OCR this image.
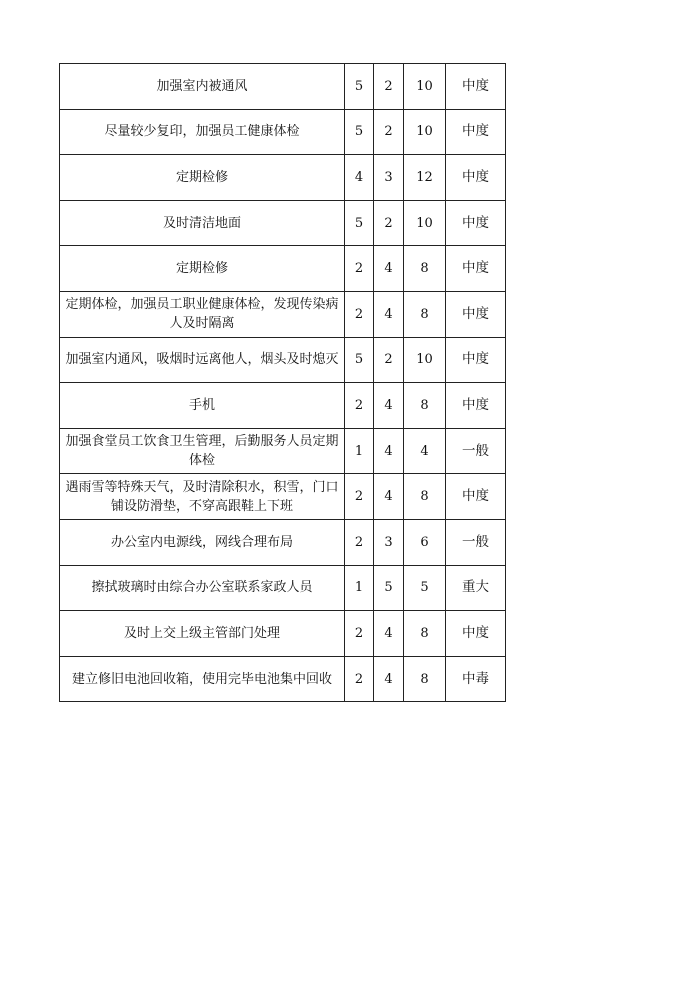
加强室内被通风	5	2	10	中度
尽量较少复印，加强员工健康体检	5	2	10	中度
定期检修	4	3	12	中度
及时清洁地面	5	2	10	中度
定期检修	2	4	8	中度
定期体检，加强员工职业健康体检，发现传染病人及时隔离	2	4	8	中度
加强室内通风，吸烟时远离他人，烟头及时熄灭	5	2	10	中度
手机	2	4	8	中度
加强食堂员工饮食卫生管理，后勤服务人员定期体检	1	4	4	一般
遇雨雪等特殊天气，及时清除积水，积雪，门口铺设防滑垫，不穿高跟鞋上下班	2	4	8	中度
办公室内电源线，网线合理布局	2	3	6	一般
擦拭玻璃时由综合办公室联系家政人员	1	5	5	重大
及时上交上级主管部门处理	2	4	8	中度
建立修旧电池回收箱，使用完毕电池集中回收	2	4	8	中毒
